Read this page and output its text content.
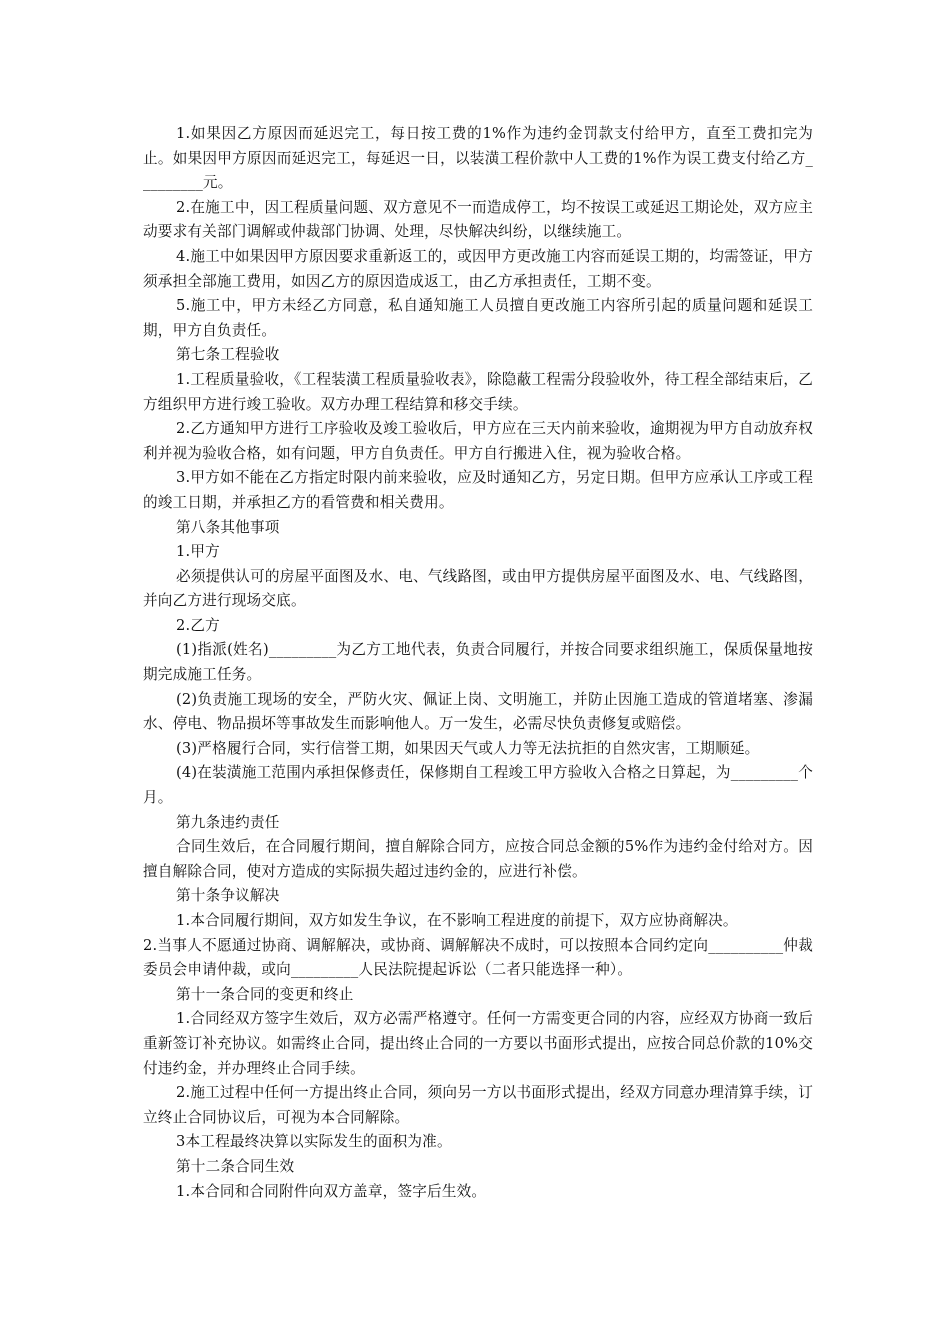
1.如果因乙方原因而延迟完工，每日按工费的1%作为违约金罚款支付给甲方，直至工费扣完为止。如果因甲方原因而延迟完工，每延迟一日，以装潢工程价款中人工费的1%作为误工费支付给乙方_________元。

2.在施工中，因工程质量问题、双方意见不一而造成停工，均不按误工或延迟工期论处，双方应主动要求有关部门调解或仲裁部门协调、处理，尽快解决纠纷，以继续施工。

4.施工中如果因甲方原因要求重新返工的，或因甲方更改施工内容而延误工期的，均需签证，甲方须承担全部施工费用，如因乙方的原因造成返工，由乙方承担责任，工期不变。

5.施工中，甲方未经乙方同意，私自通知施工人员擅自更改施工内容所引起的质量问题和延误工期，甲方自负责任。

第七条工程验收

1.工程质量验收，《工程装潢工程质量验收表》，除隐蔽工程需分段验收外，待工程全部结束后，乙方组织甲方进行竣工验收。双方办理工程结算和移交手续。

2.乙方通知甲方进行工序验收及竣工验收后，甲方应在三天内前来验收，逾期视为甲方自动放弃权利并视为验收合格，如有问题，甲方自负责任。甲方自行搬进入住，视为验收合格。

3.甲方如不能在乙方指定时限内前来验收，应及时通知乙方，另定日期。但甲方应承认工序或工程的竣工日期，并承担乙方的看管费和相关费用。

第八条其他事项

1.甲方

必须提供认可的房屋平面图及水、电、气线路图，或由甲方提供房屋平面图及水、电、气线路图，并向乙方进行现场交底。

2.乙方

(1)指派(姓名)_________为乙方工地代表，负责合同履行，并按合同要求组织施工，保质保量地按期完成施工任务。

(2)负责施工现场的安全，严防火灾、佩证上岗、文明施工，并防止因施工造成的管道堵塞、渗漏水、停电、物品损坏等事故发生而影响他人。万一发生，必需尽快负责修复或赔偿。

(3)严格履行合同，实行信誉工期，如果因天气或人力等无法抗拒的自然灾害，工期顺延。

(4)在装潢施工范围内承担保修责任，保修期自工程竣工甲方验收入合格之日算起，为_________个月。

第九条违约责任

合同生效后，在合同履行期间，擅自解除合同方，应按合同总金额的5%作为违约金付给对方。因擅自解除合同，使对方造成的实际损失超过违约金的，应进行补偿。

第十条争议解决

1.本合同履行期间，双方如发生争议，在不影响工程进度的前提下，双方应协商解决。

2.当事人不愿通过协商、调解解决，或协商、调解解决不成时，可以按照本合同约定向__________仲裁委员会申请仲裁，或向_________人民法院提起诉讼（二者只能选择一种）。

第十一条合同的变更和终止

1.合同经双方签字生效后，双方必需严格遵守。任何一方需变更合同的内容，应经双方协商一致后重新签订补充协议。如需终止合同，提出终止合同的一方要以书面形式提出，应按合同总价款的10%交付违约金，并办理终止合同手续。

2.施工过程中任何一方提出终止合同，须向另一方以书面形式提出，经双方同意办理清算手续，订立终止合同协议后，可视为本合同解除。

3本工程最终决算以实际发生的面积为准。

第十二条合同生效

1.本合同和合同附件向双方盖章，签字后生效。
